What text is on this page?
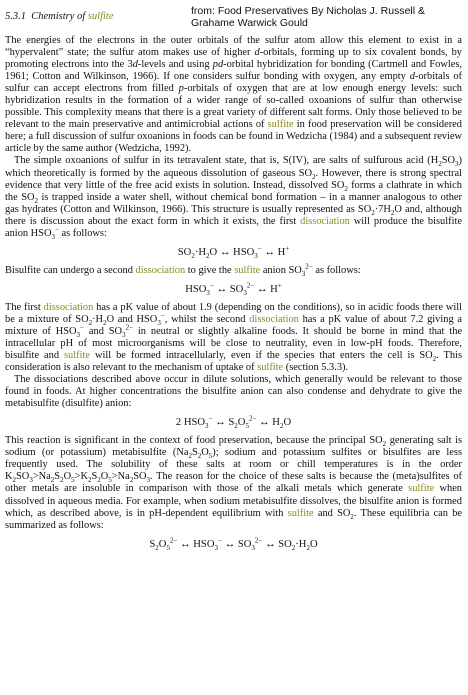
5.3.1 Chemistry of sulfite	from: Food Preservatives By Nicholas J. Russell &
Grahame Warwick Gould

The energies of the electrons in the outer orbitals of the sulfur atom allow this element to exist in a “hypervalent” state; the sulfur atom makes use of higher d-orbitals, forming up to six covalent bonds, by promoting electrons into the 3d-levels and using pd-orbital hybridization for bonding (Cartmell and Fowles, 1961; Cotton and Wilkinson, 1966). If one considers sulfur bonding with oxygen, any empty d-orbitals of sulfur can accept electrons from filled p-orbitals of oxygen that are at low enough energy levels: such hybridization results in the formation of a wider range of so-called oxoanions of sulfur than otherwise possible. This complexity means that there is a great variety of different salt forms. Only those believed to be relevant to the main preservative and antimicrobial actions of sulfite in food preservation will be considered here; a full discussion of sulfur oxoanions in foods can be found in Wedzicha (1984) and a subsequent review article by the same author (Wedzicha, 1992).

The simple oxoanions of sulfur in its tetravalent state, that is, S(IV), are salts of sulfurous acid $(H_2SO_3)$ which theoretically is formed by the aqueous dissolution of gaseous $SO_2$. However, there is strong spectral evidence that very little of the free acid exists in solution. Instead, dissolved $SO_2$ forms a clathrate in which the $SO_2$ is trapped inside a water shell, without chemical bond formation – in a manner analogous to other gas hydrates (Cotton and Wilkinson, 1966). This structure is usually represented as $SO_2\cdot 7H_2O$ and, although there is discussion about the exact form in which it exists, the first dissociation will produce the bisulfite anion $HSO_3^-$ as follows:

$SO_2\cdot H_2O$ ↔ $HSO_3^-$ ↔ H+

Bisulfite can undergo a second dissociation to give the sulfite anion $SO_3^{2-}$ as follows:

$HSO_3^-$ ↔ $SO_3^{2-}$ ↔ H+

The first dissociation has a pK value of about 1.9 (depending on the conditions), so in acidic foods there will be a mixture of $SO_2\cdot H_2O$ and $HSO_3^-$, whilst the second dissociation has a pK value of about 7.2 giving a mixture of $HSO_3^-$ and $SO_3^{2-}$ in neutral or slightly alkaline foods. It should be borne in mind that the intracellular pH of most microorganisms will be close to neutrality, even in low-pH foods. Therefore, bisulfite and sulfite will be formed intracellularly, even if the species that enters the cell is $SO_2$. This consideration is also relevant to the mechanism of uptake of sulfite (section 5.3.3).

The dissociations described above occur in dilute solutions, which generally would be relevant to those found in foods. At higher concentrations the bisulfite anion can also condense and dehydrate to give the metabisulfite (disulfite) anion:

2 $HSO_3^-$ ↔ $S_2O_5^{2-}$ ↔ $H_2O$

This reaction is significant in the context of food preservation, because the principal $SO_2$ generating salt is sodium (or potassium) metabisulfite $(Na_2S_2O_5)$; sodium and potassium sulfites or bisulfites are less frequently used. The solubility of these salts at room or chill temperatures is in the order $K_2SO_3>Na_2S_2O_5>K_2S_2O_5>Na_2SO_3$. The reason for the choice of these salts is because the (meta)sulfites of other metals are insoluble in comparison with those of the alkali metals which generate sulfite when dissolved in aqueous media. For example, when sodium metabisulfite dissolves, the bisulfite anion is formed which, as described above, is in pH-dependent equilibrium with sulfite and $SO_2$. These equilibria can be summarized as follows:

$S_2O_5^{2-}$ ↔ $HSO_3^-$ ↔ $SO_3^{2-}$ ↔ $SO_2\cdot H_2O$
